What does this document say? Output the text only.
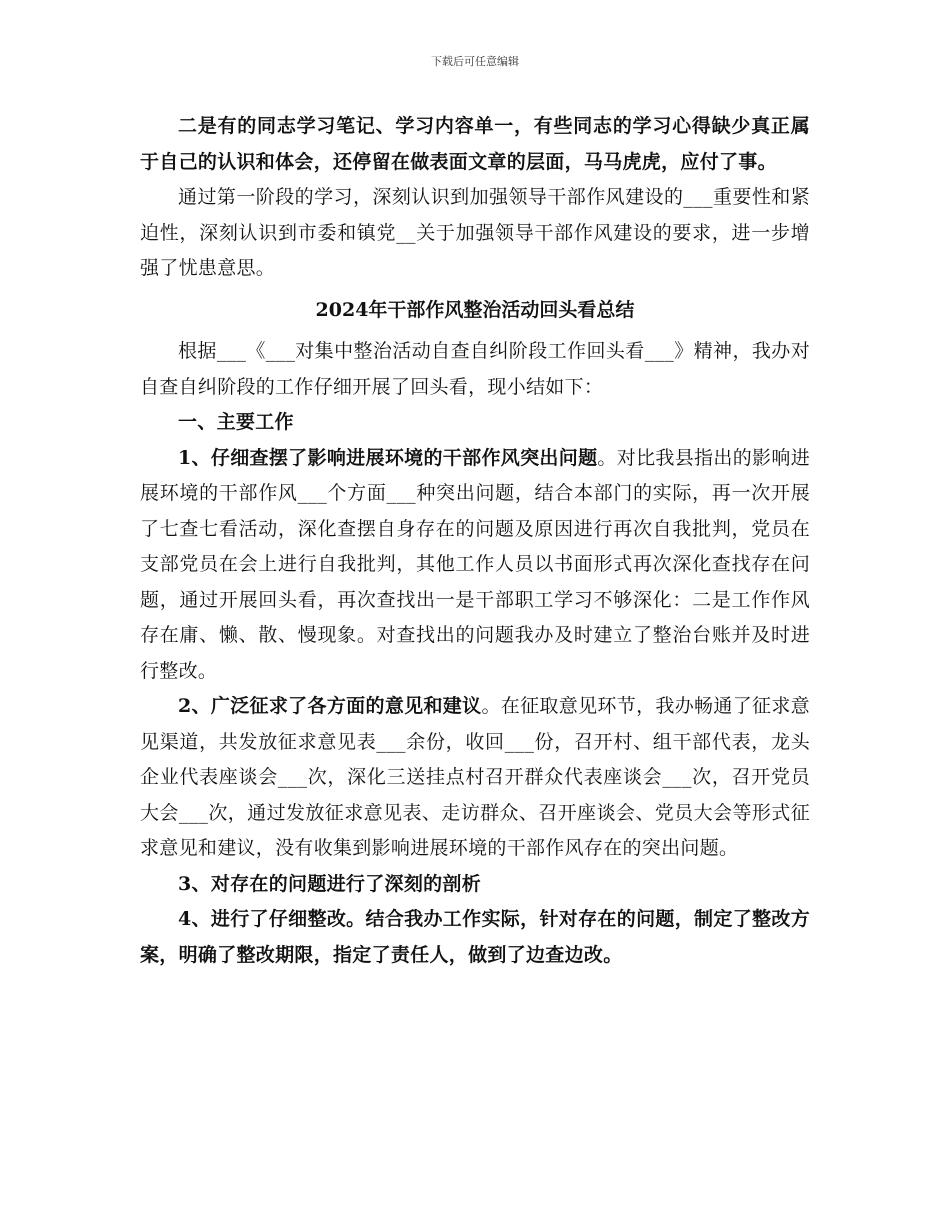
下载后可任意编辑

二是有的同志学习笔记、学习内容单一，有些同志的学习心得缺少真正属于自己的认识和体会，还停留在做表面文章的层面，马马虎虎，应付了事。

通过第一阶段的学习，深刻认识到加强领导干部作风建设的___重要性和紧迫性，深刻认识到市委和镇党__关于加强领导干部作风建设的要求，进一步增强了忧患意思。

2024年干部作风整治活动回头看总结

根据___《___对集中整治活动自查自纠阶段工作回头看___》精神，我办对自查自纠阶段的工作仔细开展了回头看，现小结如下：

一、主要工作

1、仔细查摆了影响进展环境的干部作风突出问题。对比我县指出的影响进展环境的干部作风___个方面___种突出问题，结合本部门的实际，再一次开展了七查七看活动，深化查摆自身存在的问题及原因进行再次自我批判，党员在支部党员在会上进行自我批判，其他工作人员以书面形式再次深化查找存在问题，通过开展回头看，再次查找出一是干部职工学习不够深化：二是工作作风存在庸、懒、散、慢现象。对查找出的问题我办及时建立了整治台账并及时进行整改。

2、广泛征求了各方面的意见和建议。在征取意见环节，我办畅通了征求意见渠道，共发放征求意见表___余份，收回___份，召开村、组干部代表，龙头企业代表座谈会___次，深化三送挂点村召开群众代表座谈会___次，召开党员大会___次，通过发放征求意见表、走访群众、召开座谈会、党员大会等形式征求意见和建议，没有收集到影响进展环境的干部作风存在的突出问题。

3、对存在的问题进行了深刻的剖析

4、进行了仔细整改。结合我办工作实际，针对存在的问题，制定了整改方案，明确了整改期限，指定了责任人，做到了边查边改。
